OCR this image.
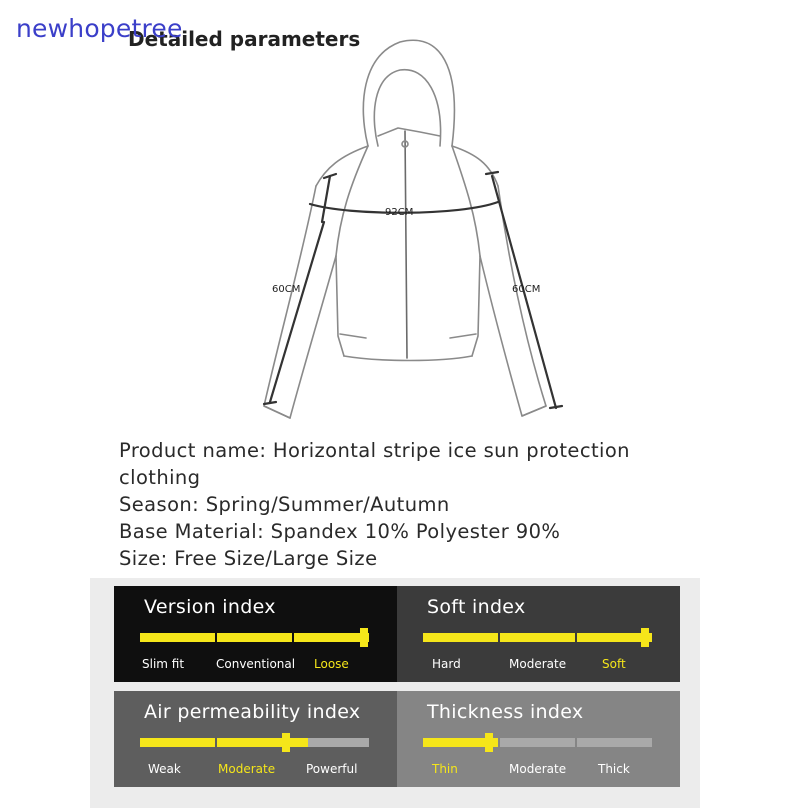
newhopetree
Detailed parameters
92CM
60CM	60CM
Product name: Horizontal stripe ice sun protection
clothing
Season: Spring/Summer/Autumn
Base Material: Spandex 10% Polyester 90%
Size: Free Size/Large Size
Version index
Slim fit	Conventional Loose
Soft index
Hard	Moderate	Soft
Air permeability index
Weak	Moderate	Powerful
Thickness index
Thin	Moderate	Thick
